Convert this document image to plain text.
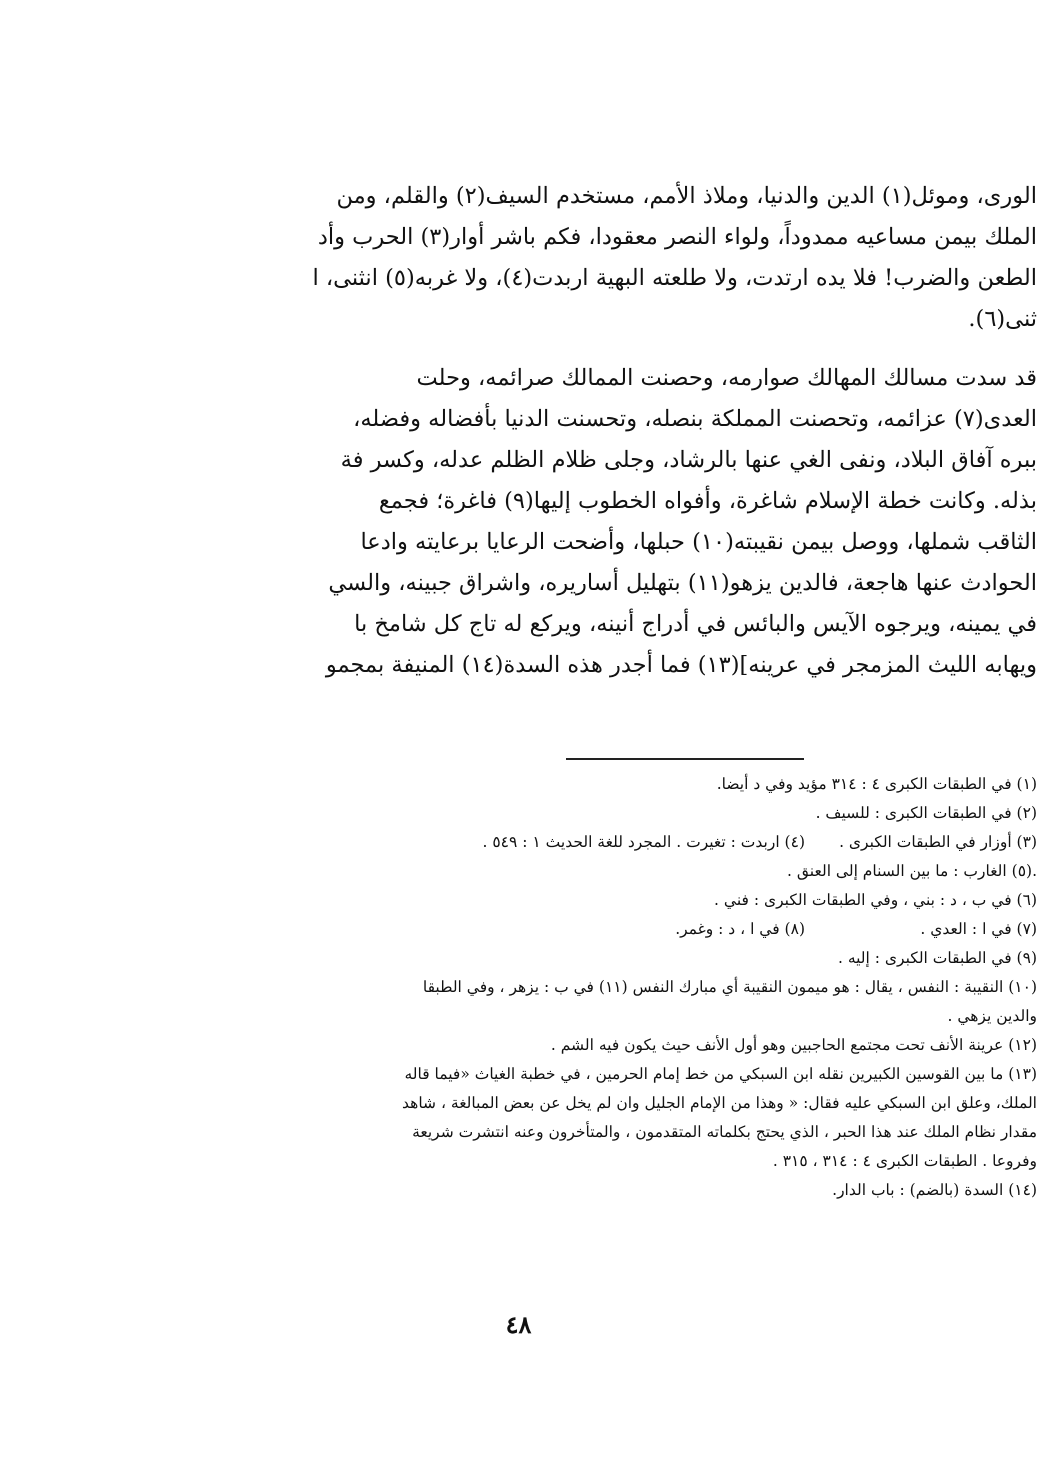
الورى، وموئل(١) الدين والدنيا، وملاذ الأمم، مستخدم السيف(٢) والقلم، ومن
الملك بيمن مساعيه ممدوداً، ولواء النصر معقودا، فكم باشر أوار(٣) الحرب وأد
الطعن والضرب! فلا يده ارتدت، ولا طلعته البهية اربدت(٤)، ولا غربه(٥) انثنى، ا
ثنى(٦).
قد سدت مسالك المهالك صوارمه، وحصنت الممالك صرائمه، وحلت
العدى(٧) عزائمه، وتحصنت المملكة بنصله، وتحسنت الدنيا بأفضاله وفضله،
ببره آفاق البلاد، ونفى الغي عنها بالرشاد، وجلى ظلام الظلم عدله، وكسر فة
بذله. وكانت خطة الإسلام شاغرة، وأفواه الخطوب إليها(٩) فاغرة؛ فجمع
الثاقب شملها، ووصل بيمن نقيبته(١٠) حبلها، وأضحت الرعايا برعايته وادعا
الحوادث عنها هاجعة، فالدين يزهو(١١) بتهليل أساريره، واشراق جبينه، والسي
في يمينه، ويرجوه الآيس والبائس في أدراج أنينه، ويركع له تاج كل شامخ با
ويهابه الليث المزمجر في عرينه](١٣) فما أجدر هذه السدة(١٤) المنيفة بمجمو
(١) في الطبقات الكبرى ٤ : ٣١٤ مؤيد وفي د أيضا.
(٢) في الطبقات الكبرى : للسيف .
(٣) أوزار في الطبقات الكبرى .
(٤) اربدت : تغيرت . المجرد للغة الحديث ١ : ٥٤٩ .
.(٥) الغارب : ما بين السنام إلى العنق .
(٦) في ب ، د : بني ، وفي الطبقات الكبرى : فني .
(٧) في ا : العدي .
(٨) في ا ، د : وغمر.
(٩) في الطبقات الكبرى : إليه .
(١٠) النقيبة : النفس ، يقال : هو ميمون النقيبة أي مبارك النفس (١١) في ب : يزهر ، وفي الطبقا
والدين يزهي .
(١٢) عرينة الأنف تحت مجتمع الحاجبين وهو أول الأنف حيث يكون فيه الشم .
(١٣) ما بين القوسين الكبيرين نقله ابن السبكي من خط إمام الحرمين ، في خطبة الغياث «فيما قاله
الملك، وعلق ابن السبكي عليه فقال: « وهذا من الإمام الجليل وان لم يخل عن بعض المبالغة ، شاهد
مقدار نظام الملك عند هذا الحبر ، الذي يحتج بكلماته المتقدمون ، والمتأخرون وعنه انتشرت شريعة
وفروعا . الطبقات الكبرى ٤ : ٣١٤ ، ٣١٥ .
(١٤) السدة (بالضم) : باب الدار.
٤٨
